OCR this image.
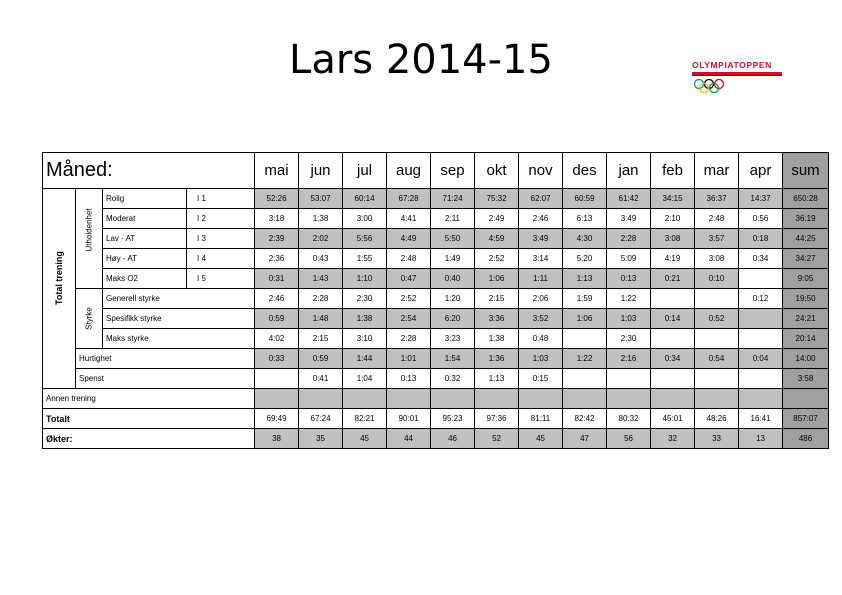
Lars 2014-15	OLYMPIATOPPEN
Måned:				mai	jun	jul	aug	sep	okt	nov	des	jan	feb	mar	apr	sum

Total trening	Utholdenhet	Rolig	I 1	52:26	53:07	60:14	67:28	71:24	75:32	62:07	60:59	61:42	34:15	36:37	14:37	650:28
		Moderat	I 2	3:18	1:38	3:00	4:41	2:11	2:49	2:46	6:13	3:49	2:10	2:48	0:56	36:19
		Lav - AT	I 3	2:39	2:02	5:56	4:49	5:50	4:59	3:49	4:30	2:28	3:08	3:57	0:18	44:25
		Høy - AT	I 4	2:36	0:43	1:55	2:48	1:49	2:52	3:14	5:20	5:09	4:19	3:08	0:34	34:27
		Maks O2	I 5	0:31	1:43	1:10	0:47	0:40	1:06	1:11	1:13	0:13	0:21	0:10		9:05

	Styrke	Generell styrke		2:46	2:28	2:30	2:52	1:20	2:15	2:06	1:59	1:22			0:12	19:50
		Spesifikk styrke		0:59	1:48	1:38	2:54	6:20	3:36	3:52	1:06	1:03	0:14	0:52		24:21
		Maks styrke		4:02	2:15	3:10	2:28	3:23	1:38	0:48		2:30				20:14
	Hurtighet			0:33	0:59	1:44	1:01	1:54	1:36	1:03	1:22	2:16	0:34	0:54	0:04	14:00
	Spenst				0:41	1:04	0:13	0:32	1:13	0:15						3:58
Annen trening																
Totalt				69:49	67:24	82:21	90:01	95:23	97:36	81:11	82:42	80:32	45:01	48:26	16:41	857:07
Økter:				38	35	45	44	46	52	45	47	56	32	33	13	486
